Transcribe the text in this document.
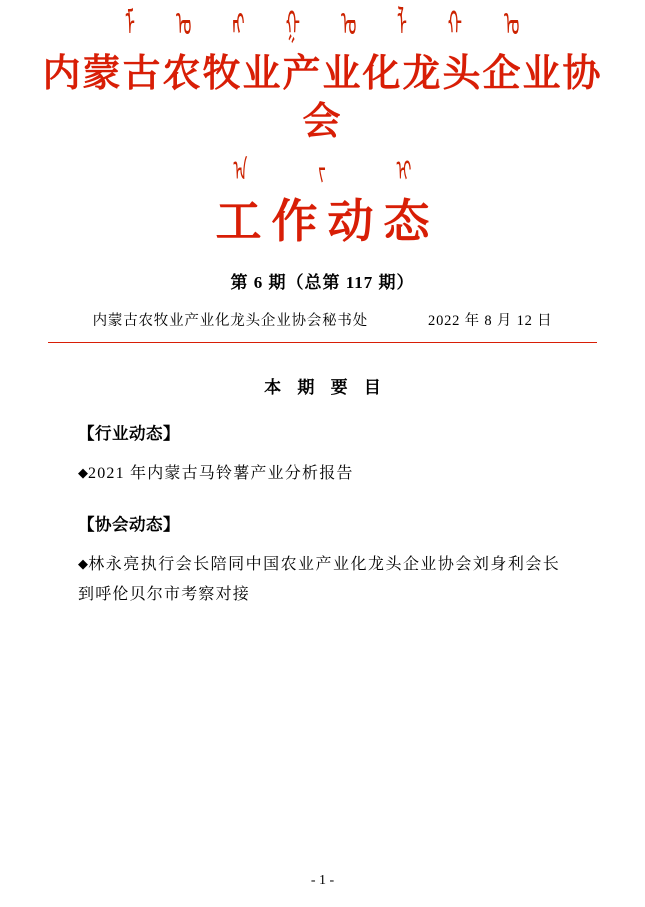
ᠮ ᠣ ᠩ ᠭ ᠤ ᠯ ᠬ ᠤ
内蒙古农牧业产业化龙头企业协会
ᠠ	ᠵ	ᠢ
工作动态
第 6 期（总第 117 期）
内蒙古农牧业产业化龙头企业协会秘书处	2022 年 8 月 12 日
本 期 要 目
【行业动态】
◆2021 年内蒙古马铃薯产业分析报告
【协会动态】
◆林永亮执行会长陪同中国农业产业化龙头企业协会刘身利会长到呼伦贝尔市考察对接
- 1 -
